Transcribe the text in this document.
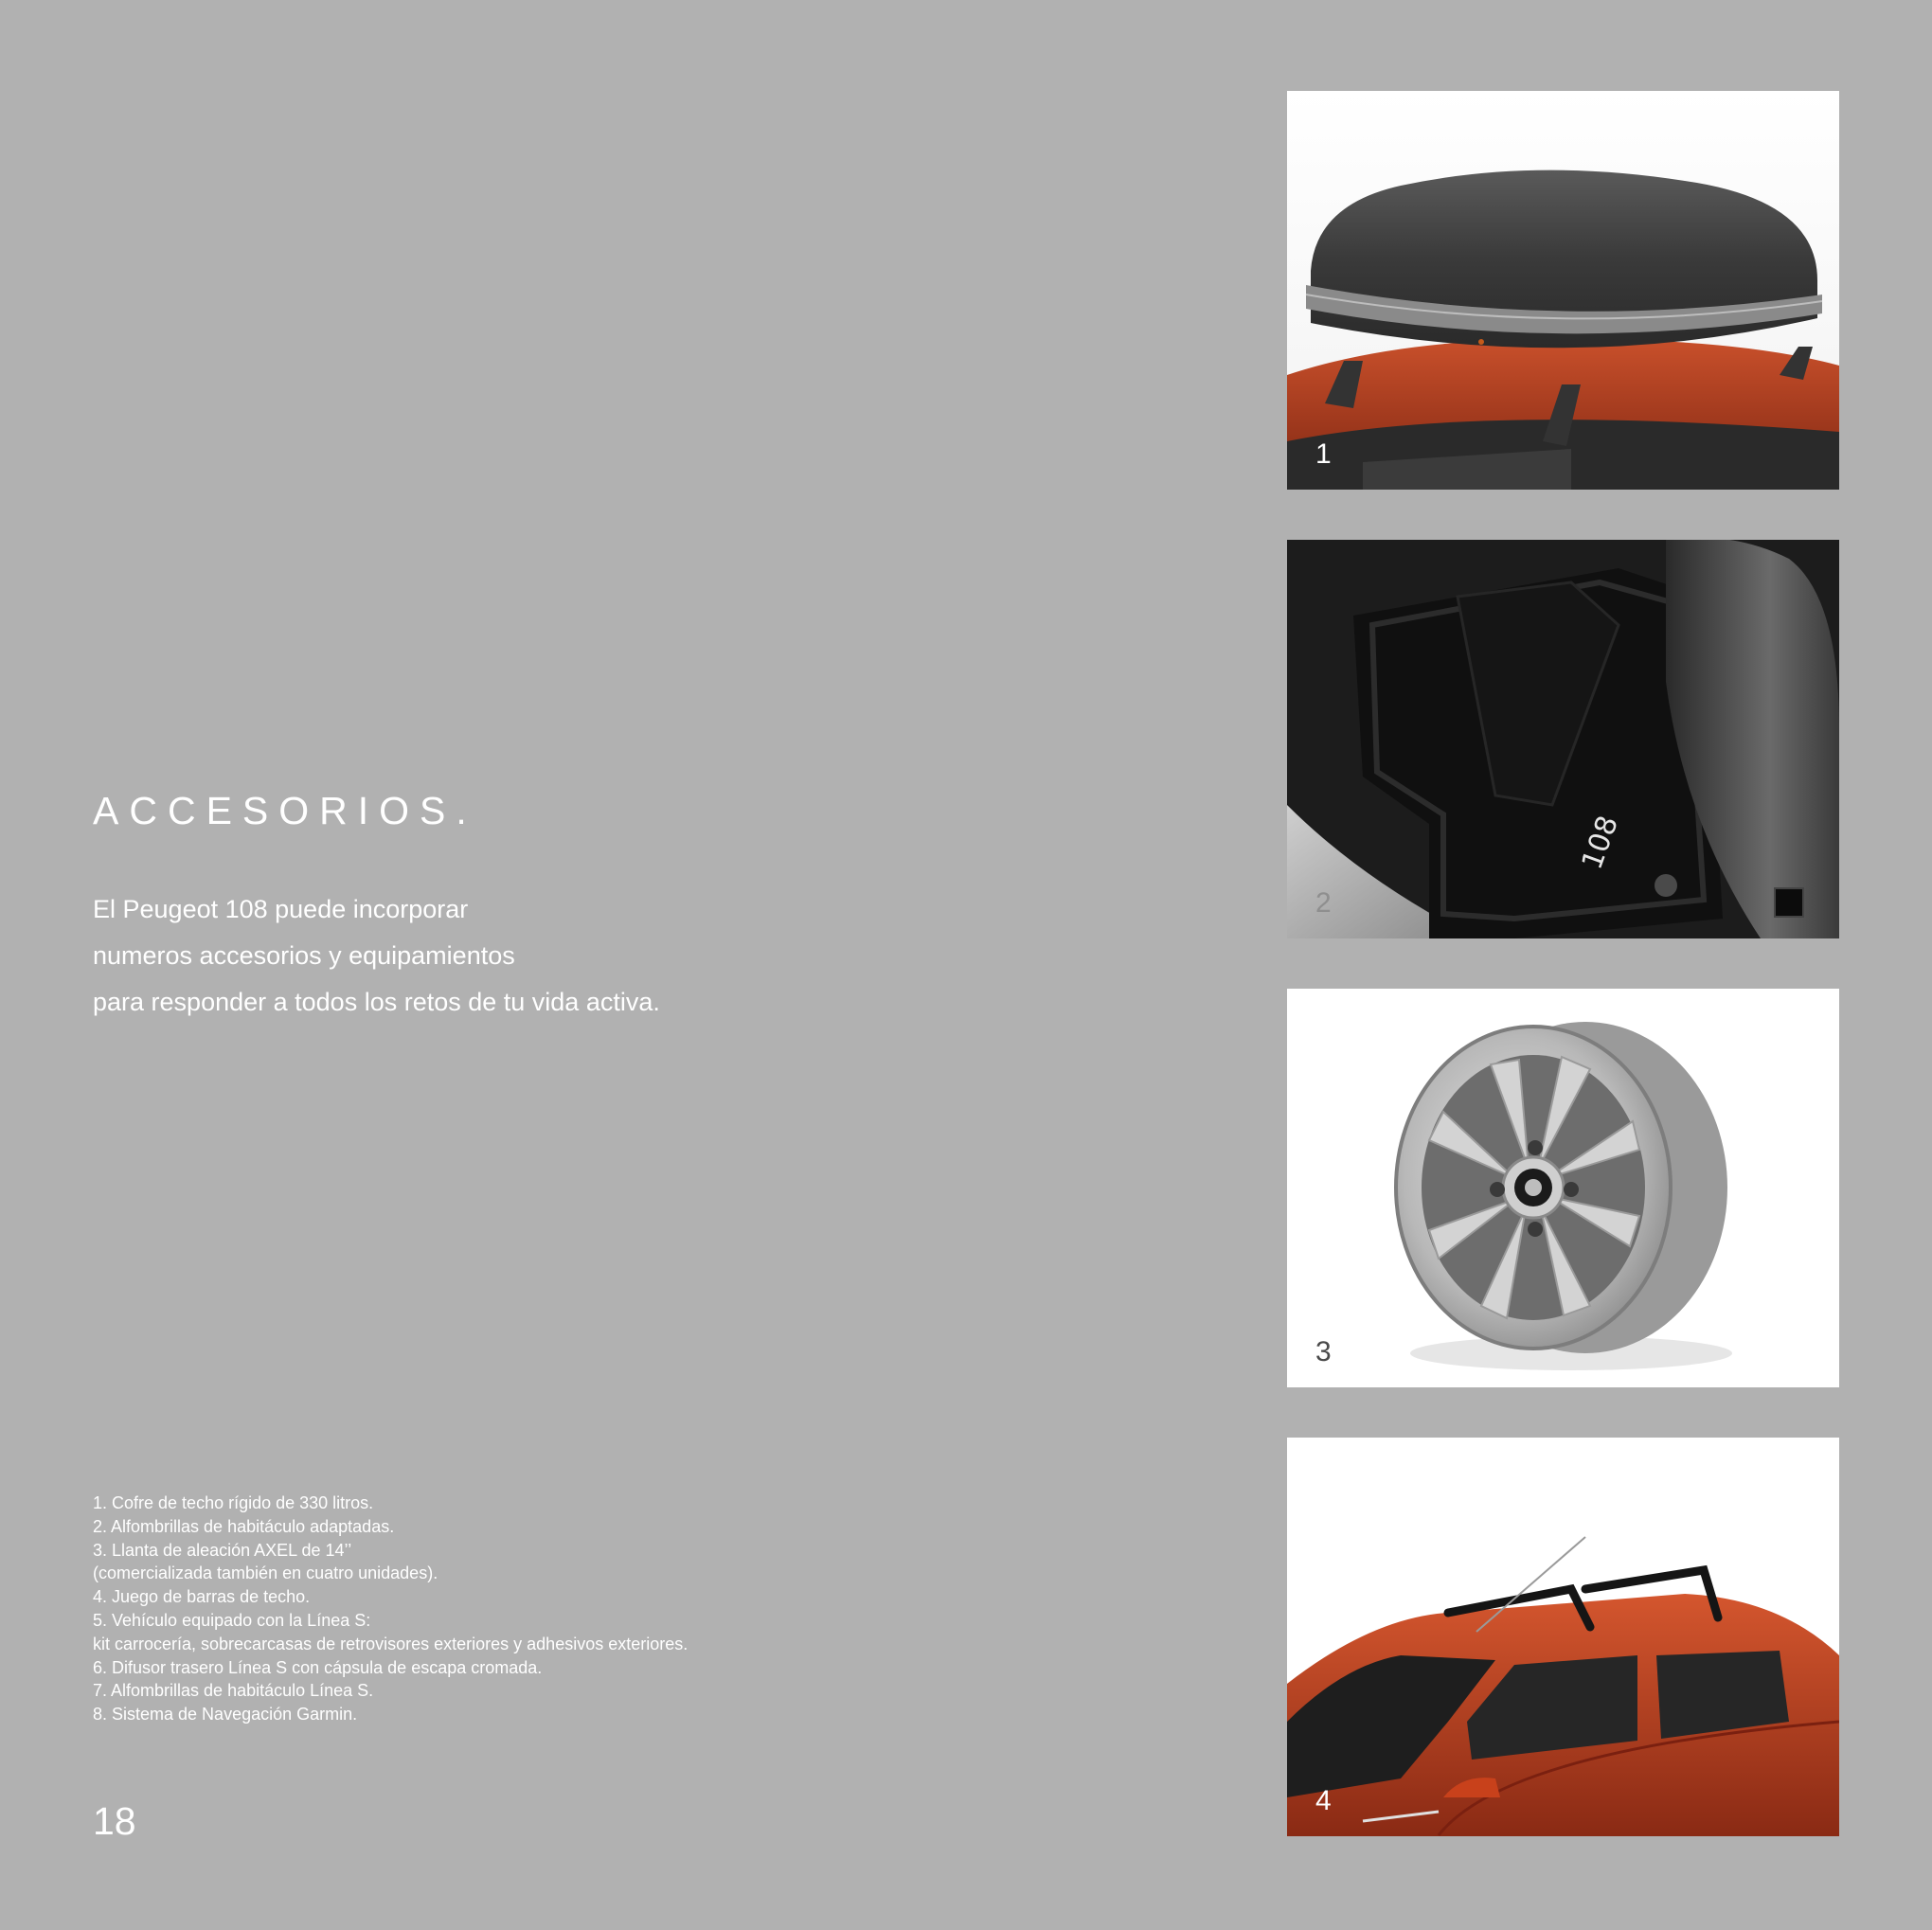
ACCESORIOS.
El Peugeot 108 puede incorporar
numeros accesorios y equipamientos
para responder a todos los retos de tu vida activa.
1. Cofre de techo rígido de 330 litros.
2. Alfombrillas de habitáculo adaptadas.
3. Llanta de aleación AXEL de 14’’
(comercializada también en cuatro unidades).
4. Juego de barras de techo.
5. Vehículo equipado con la Línea S:
kit carrocería, sobrecarcasas de retrovisores exteriores y adhesivos exteriores.
6. Difusor trasero Línea S con cápsula de escapa cromada.
7. Alfombrillas de habitáculo Línea S.
8. Sistema de Navegación Garmin.
18
1
108
2
3
4
